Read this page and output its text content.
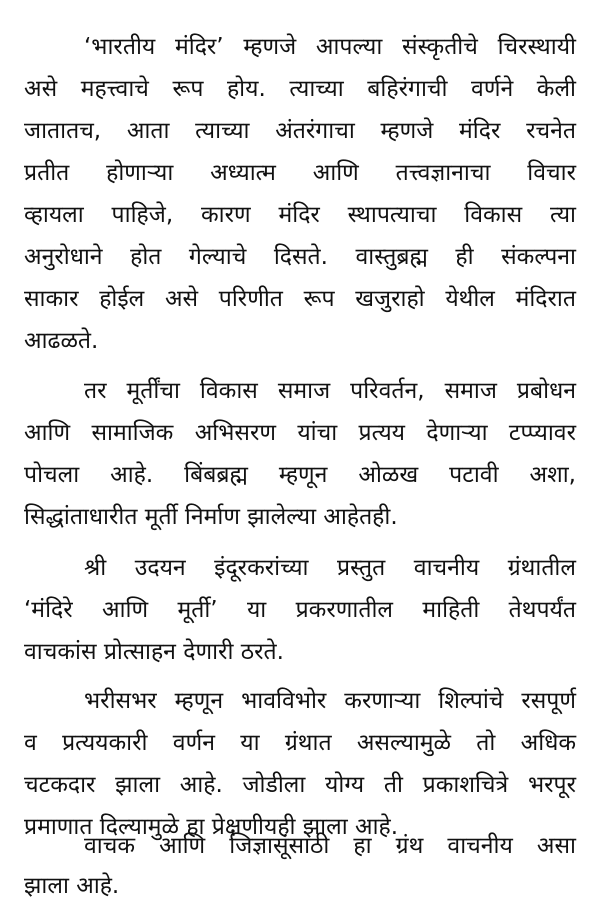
‘भारतीय मंदिर’ म्हणजे आपल्या संस्कृतीचे चिरस्थायी
असे महत्त्वाचे रूप होय. त्याच्या बहिरंगाची वर्णने केली
जातातच, आता त्याच्या अंतरंगाचा म्हणजे मंदिर रचनेत
प्रतीत होणाऱ्या अध्यात्म आणि तत्त्वज्ञानाचा विचार
व्हायला पाहिजे, कारण मंदिर स्थापत्याचा विकास त्या
अनुरोधाने होत गेल्याचे दिसते. वास्तुब्रह्म ही संकल्पना
साकार होईल असे परिणीत रूप खजुराहो येथील मंदिरात
आढळते.
तर मूर्तींचा विकास समाज परिवर्तन, समाज प्रबोधन
आणि सामाजिक अभिसरण यांचा प्रत्यय देणाऱ्या टप्प्यावर
पोचला आहे. बिंबब्रह्म म्हणून ओळख पटावी अशा,
सिद्धांताधारीत मूर्ती निर्माण झालेल्या आहेतही.
श्री उदयन इंदूरकरांच्या प्रस्तुत वाचनीय ग्रंथातील
‘मंदिरे आणि मूर्ती’ या प्रकरणातील माहिती तेथपर्यंत
वाचकांस प्रोत्साहन देणारी ठरते.
भरीसभर म्हणून भावविभोर करणाऱ्या शिल्पांचे रसपूर्ण
व प्रत्ययकारी वर्णन या ग्रंथात असल्यामुळे तो अधिक
चटकदार झाला आहे. जोडीला योग्य ती प्रकाशचित्रे भरपूर
प्रमाणात दिल्यामुळे हा प्रेक्षणीयही झाला आहे.
वाचक आणि जिज्ञासूंसाठी हा ग्रंथ वाचनीय असा
झाला आहे.
